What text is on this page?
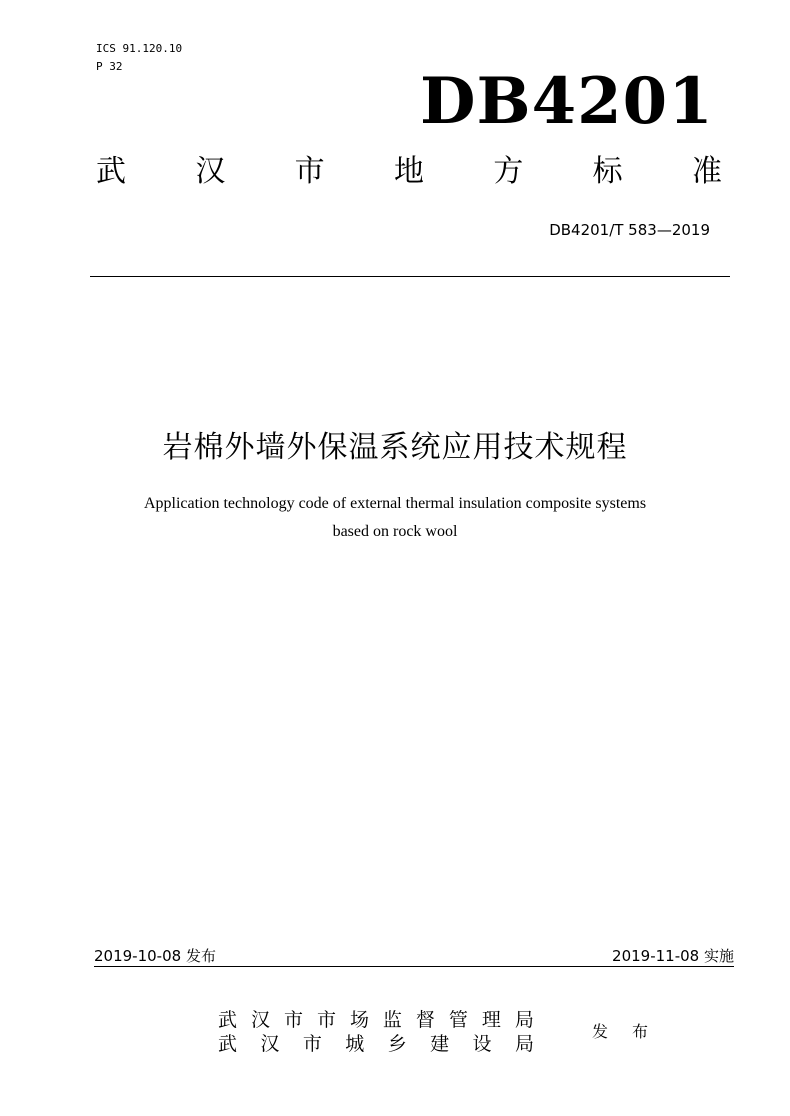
ICS 91.120.10
P 32	DB4201
武 汉 市 地 方 标 准
DB4201/T 583—2019
岩棉外墙外保温系统应用技术规程
Application technology code of external thermal insulation composite systems
based on rock wool
2019-10-08 发布	2019-11-08 实施
武 汉 市 市 场 监 督 管 理 局
武 汉 市 城 乡 建 设 局
发 布
